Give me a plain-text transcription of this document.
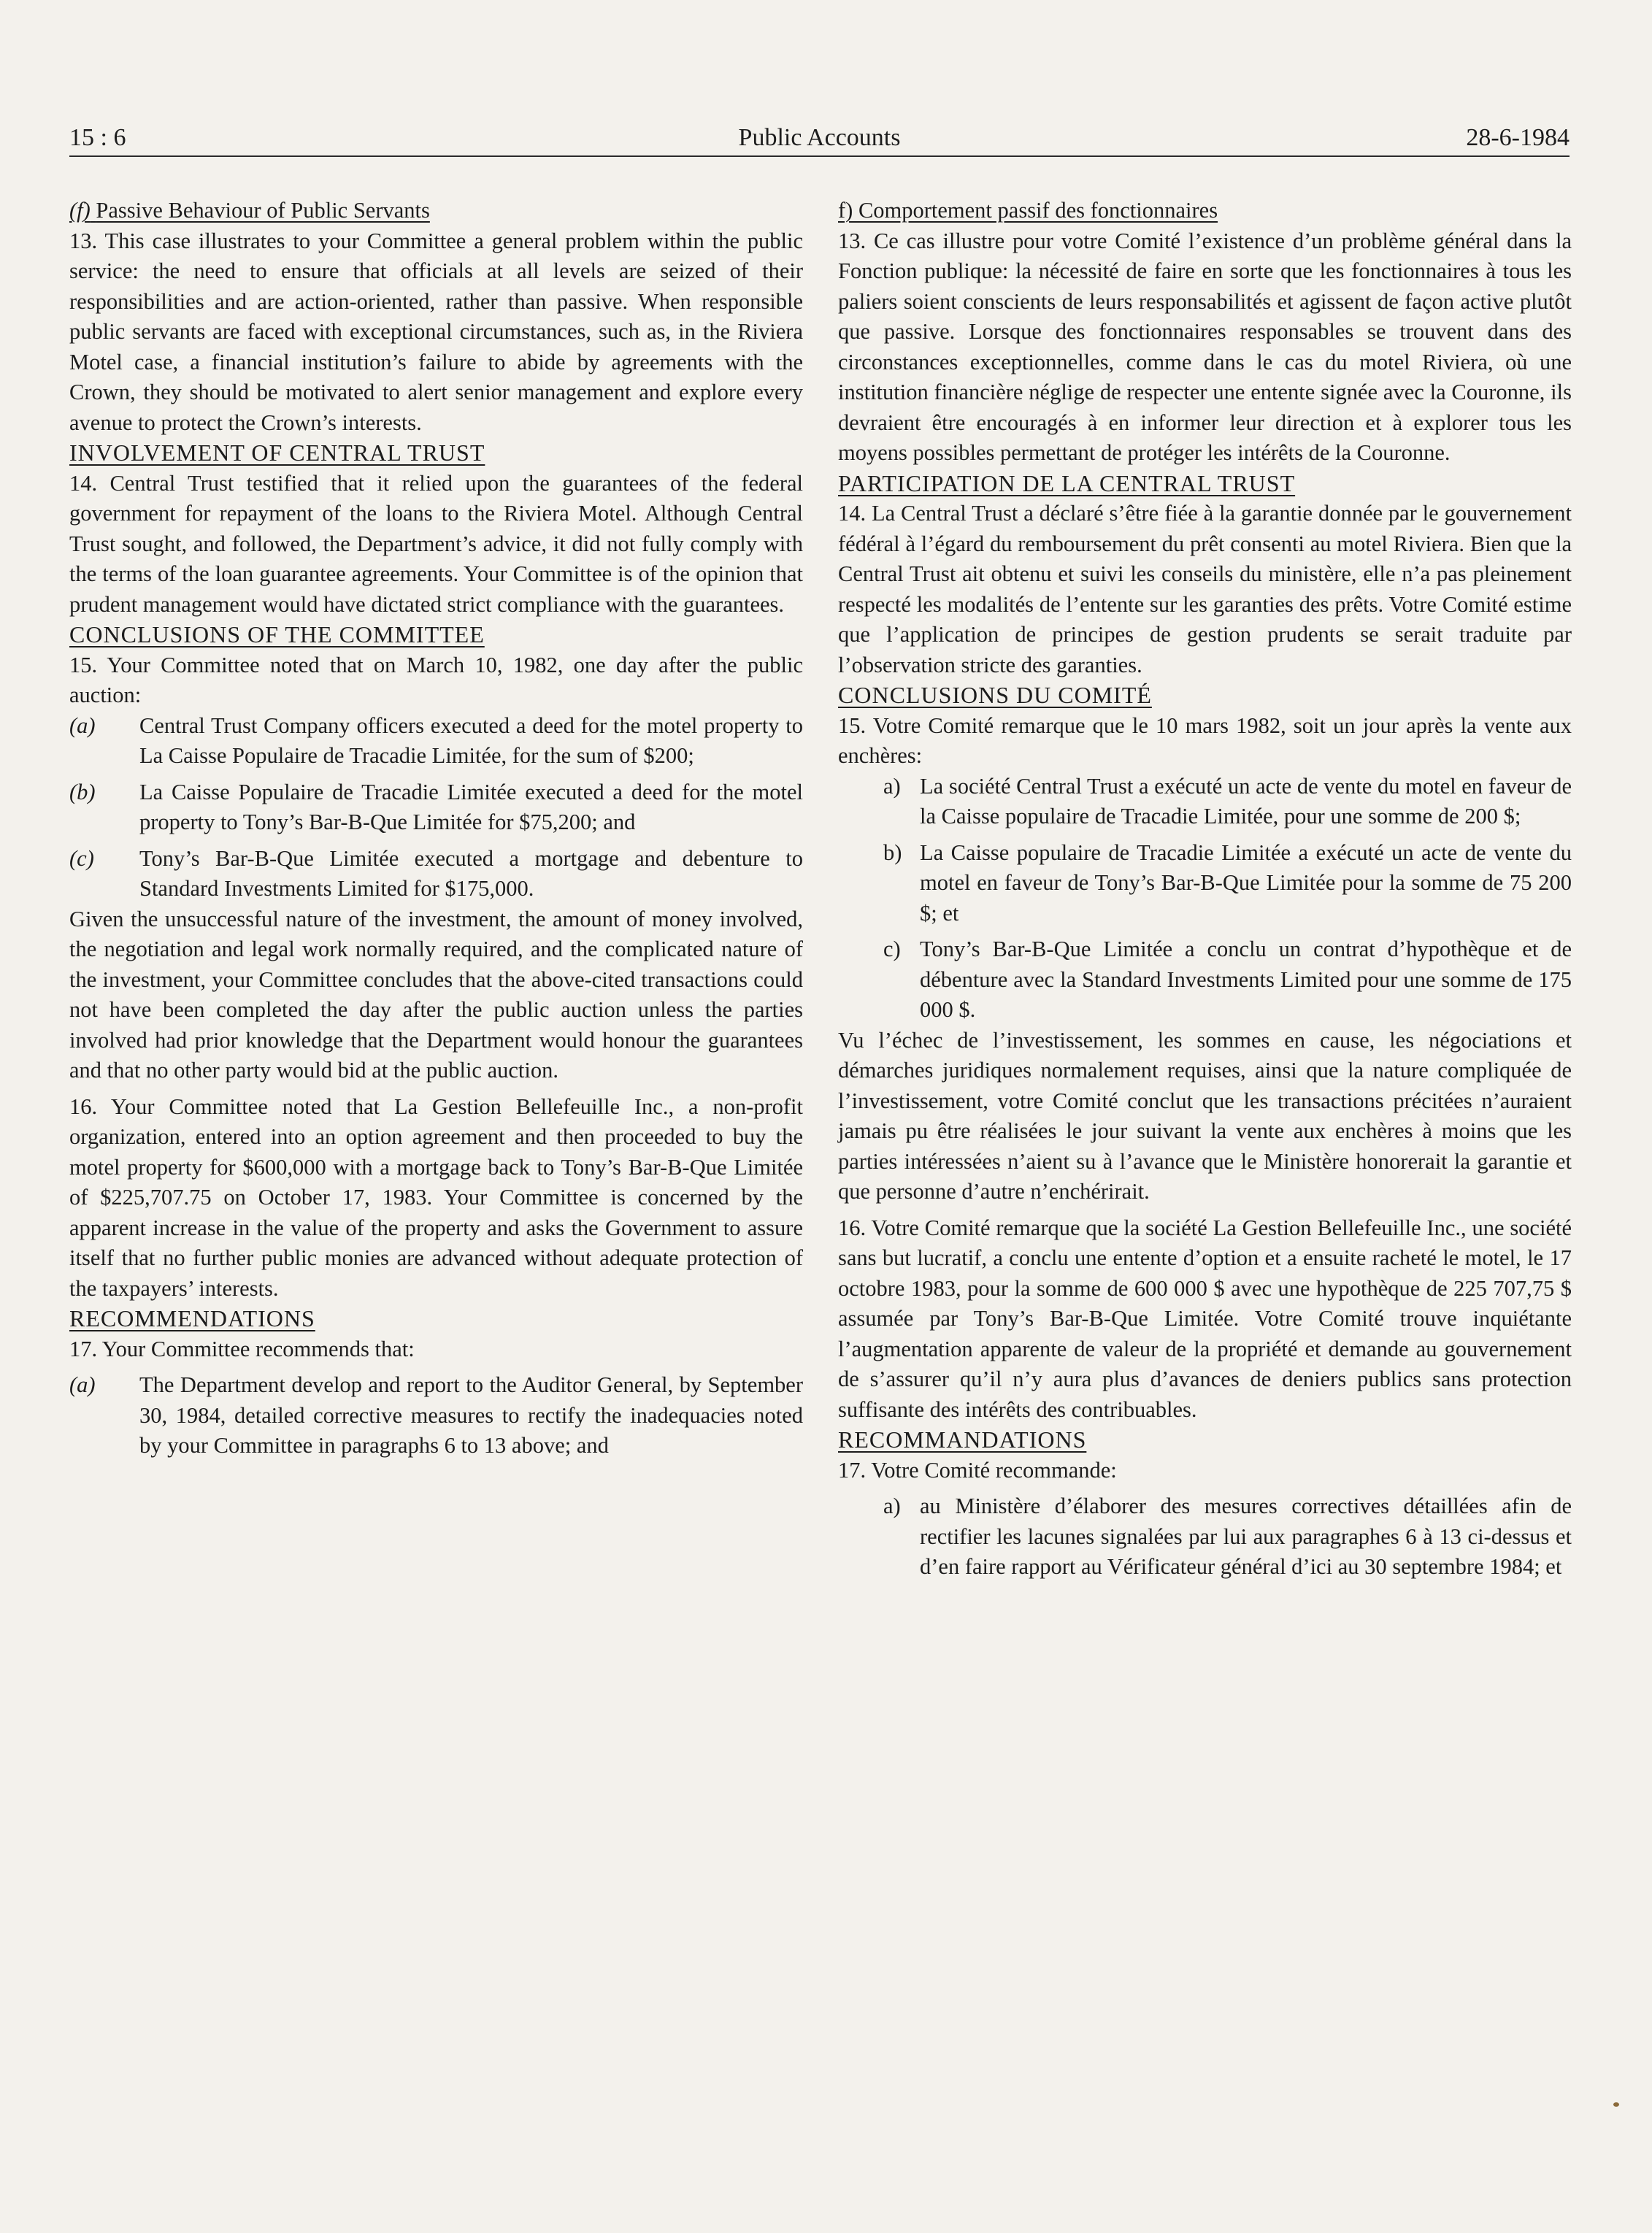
15 : 6	Public Accounts	28-6-1984

(f) Passive Behaviour of Public Servants

13. This case illustrates to your Committee a general problem within the public service: the need to ensure that officials at all levels are seized of their responsibilities and are action-oriented, rather than passive. When responsible public servants are faced with exceptional circumstances, such as, in the Riviera Motel case, a financial institution’s failure to abide by agreements with the Crown, they should be motivated to alert senior management and explore every avenue to protect the Crown’s interests.

INVOLVEMENT OF CENTRAL TRUST

14. Central Trust testified that it relied upon the guarantees of the federal government for repayment of the loans to the Riviera Motel. Although Central Trust sought, and followed, the Department’s advice, it did not fully comply with the terms of the loan guarantee agreements. Your Committee is of the opinion that prudent management would have dictated strict compliance with the guarantees.

CONCLUSIONS OF THE COMMITTEE

15. Your Committee noted that on March 10, 1982, one day after the public auction:

(a)	Central Trust Company officers executed a deed for the motel property to La Caisse Populaire de Tracadie Limitée, for the sum of $200;

(b)	La Caisse Populaire de Tracadie Limitée executed a deed for the motel property to Tony’s Bar-B-Que Limitée for $75,200; and

(c)	Tony’s Bar-B-Que Limitée executed a mortgage and debenture to Standard Investments Limited for $175,000.

Given the unsuccessful nature of the investment, the amount of money involved, the negotiation and legal work normally required, and the complicated nature of the investment, your Committee concludes that the above-cited transactions could not have been completed the day after the public auction unless the parties involved had prior knowledge that the Department would honour the guarantees and that no other party would bid at the public auction.

16. Your Committee noted that La Gestion Bellefeuille Inc., a non-profit organization, entered into an option agreement and then proceeded to buy the motel property for $600,000 with a mortgage back to Tony’s Bar-B-Que Limitée of $225,707.75 on October 17, 1983. Your Committee is concerned by the apparent increase in the value of the property and asks the Government to assure itself that no further public monies are advanced without adequate protection of the taxpayers’ interests.

RECOMMENDATIONS

17. Your Committee recommends that:

(a)	The Department develop and report to the Auditor General, by September 30, 1984, detailed corrective measures to rectify the inadequacies noted by your Committee in paragraphs 6 to 13 above; and

f) Comportement passif des fonctionnaires

13. Ce cas illustre pour votre Comité l’existence d’un problème général dans la Fonction publique: la nécessité de faire en sorte que les fonctionnaires à tous les paliers soient conscients de leurs responsabilités et agissent de façon active plutôt que passive. Lorsque des fonctionnaires responsables se trouvent dans des circonstances exceptionnelles, comme dans le cas du motel Riviera, où une institution financière néglige de respecter une entente signée avec la Couronne, ils devraient être encouragés à en informer leur direction et à explorer tous les moyens possibles permettant de protéger les intérêts de la Couronne.

PARTICIPATION DE LA CENTRAL TRUST

14. La Central Trust a déclaré s’être fiée à la garantie donnée par le gouvernement fédéral à l’égard du remboursement du prêt consenti au motel Riviera. Bien que la Central Trust ait obtenu et suivi les conseils du ministère, elle n’a pas pleinement respecté les modalités de l’entente sur les garanties des prêts. Votre Comité estime que l’application de principes de gestion prudents se serait traduite par l’observation stricte des garanties.

CONCLUSIONS DU COMITÉ

15. Votre Comité remarque que le 10 mars 1982, soit un jour après la vente aux enchères:

a) La société Central Trust a exécuté un acte de vente du motel en faveur de la Caisse populaire de Tracadie Limitée, pour une somme de 200 $;

b) La Caisse populaire de Tracadie Limitée a exécuté un acte de vente du motel en faveur de Tony’s Bar-B-Que Limitée pour la somme de 75 200 $; et

c) Tony’s Bar-B-Que Limitée a conclu un contrat d’hypothèque et de débenture avec la Standard Investments Limited pour une somme de 175 000 $.

Vu l’échec de l’investissement, les sommes en cause, les négociations et démarches juridiques normalement requises, ainsi que la nature compliquée de l’investissement, votre Comité conclut que les transactions précitées n’auraient jamais pu être réalisées le jour suivant la vente aux enchères à moins que les parties intéressées n’aient su à l’avance que le Ministère honorerait la garantie et que personne d’autre n’enchérirait.

16. Votre Comité remarque que la société La Gestion Bellefeuille Inc., une société sans but lucratif, a conclu une entente d’option et a ensuite racheté le motel, le 17 octobre 1983, pour la somme de 600 000 $ avec une hypothèque de 225 707,75 $ assumée par Tony’s Bar-B-Que Limitée. Votre Comité trouve inquiétante l’augmentation apparente de valeur de la propriété et demande au gouvernement de s’assurer qu’il n’y aura plus d’avances de deniers publics sans protection suffisante des intérêts des contribuables.

RECOMMANDATIONS

17. Votre Comité recommande:

a) au Ministère d’élaborer des mesures correctives détaillées afin de rectifier les lacunes signalées par lui aux paragraphes 6 à 13 ci-dessus et d’en faire rapport au Vérificateur général d’ici au 30 septembre 1984; et
